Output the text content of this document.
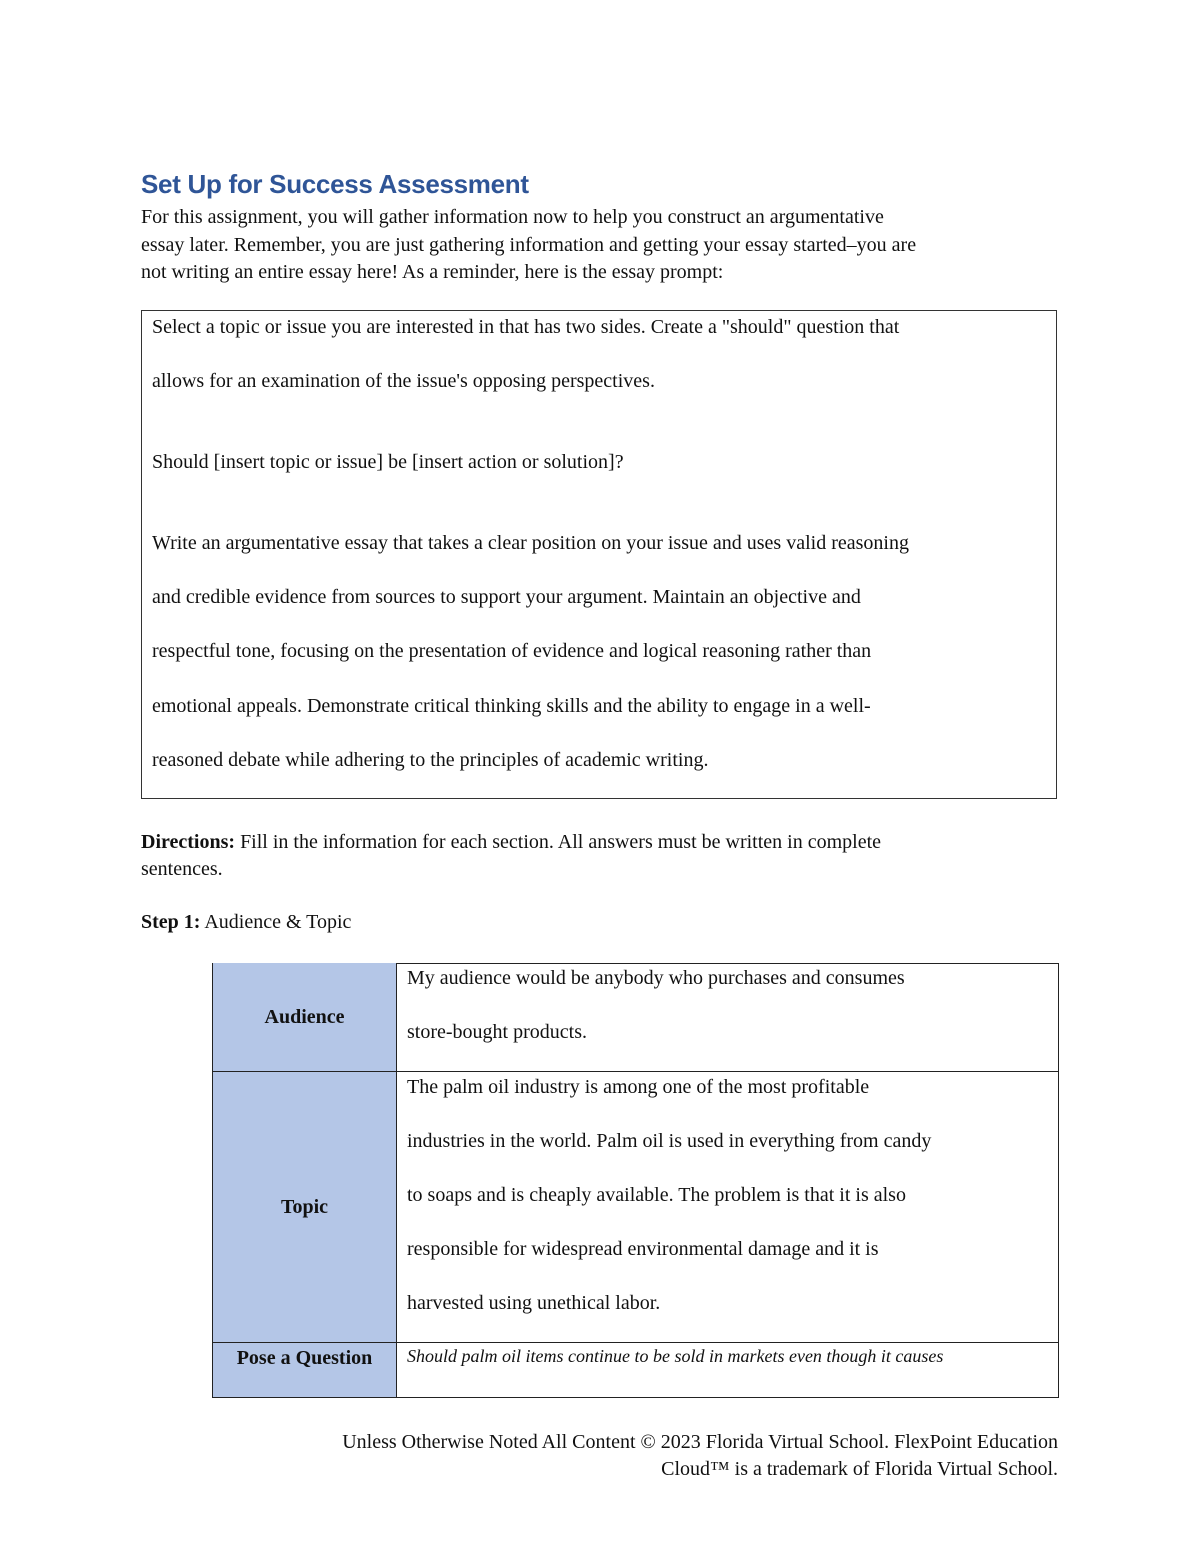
Set Up for Success Assessment
For this assignment, you will gather information now to help you construct an argumentative
essay later. Remember, you are just gathering information and getting your essay started–you are
not writing an entire essay here! As a reminder, here is the essay prompt:
Select a topic or issue you are interested in that has two sides. Create a "should" question that
allows for an examination of the issue's opposing perspectives.
Should [insert topic or issue] be [insert action or solution]?
Write an argumentative essay that takes a clear position on your issue and uses valid reasoning
and credible evidence from sources to support your argument. Maintain an objective and
respectful tone, focusing on the presentation of evidence and logical reasoning rather than
emotional appeals. Demonstrate critical thinking skills and the ability to engage in a well-
reasoned debate while adhering to the principles of academic writing.
Directions: Fill in the information for each section. All answers must be written in complete
sentences.
Step 1: Audience & Topic
Audience
Topic
Pose a Question
My audience would be anybody who purchases and consumes
store-bought products.
The palm oil industry is among one of the most profitable
industries in the world. Palm oil is used in everything from candy
to soaps and is cheaply available. The problem is that it is also
responsible for widespread environmental damage and it is
harvested using unethical labor.
Should palm oil items continue to be sold in markets even though it causes
Unless Otherwise Noted All Content © 2023 Florida Virtual School. FlexPoint Education
Cloud™ is a trademark of Florida Virtual School.
